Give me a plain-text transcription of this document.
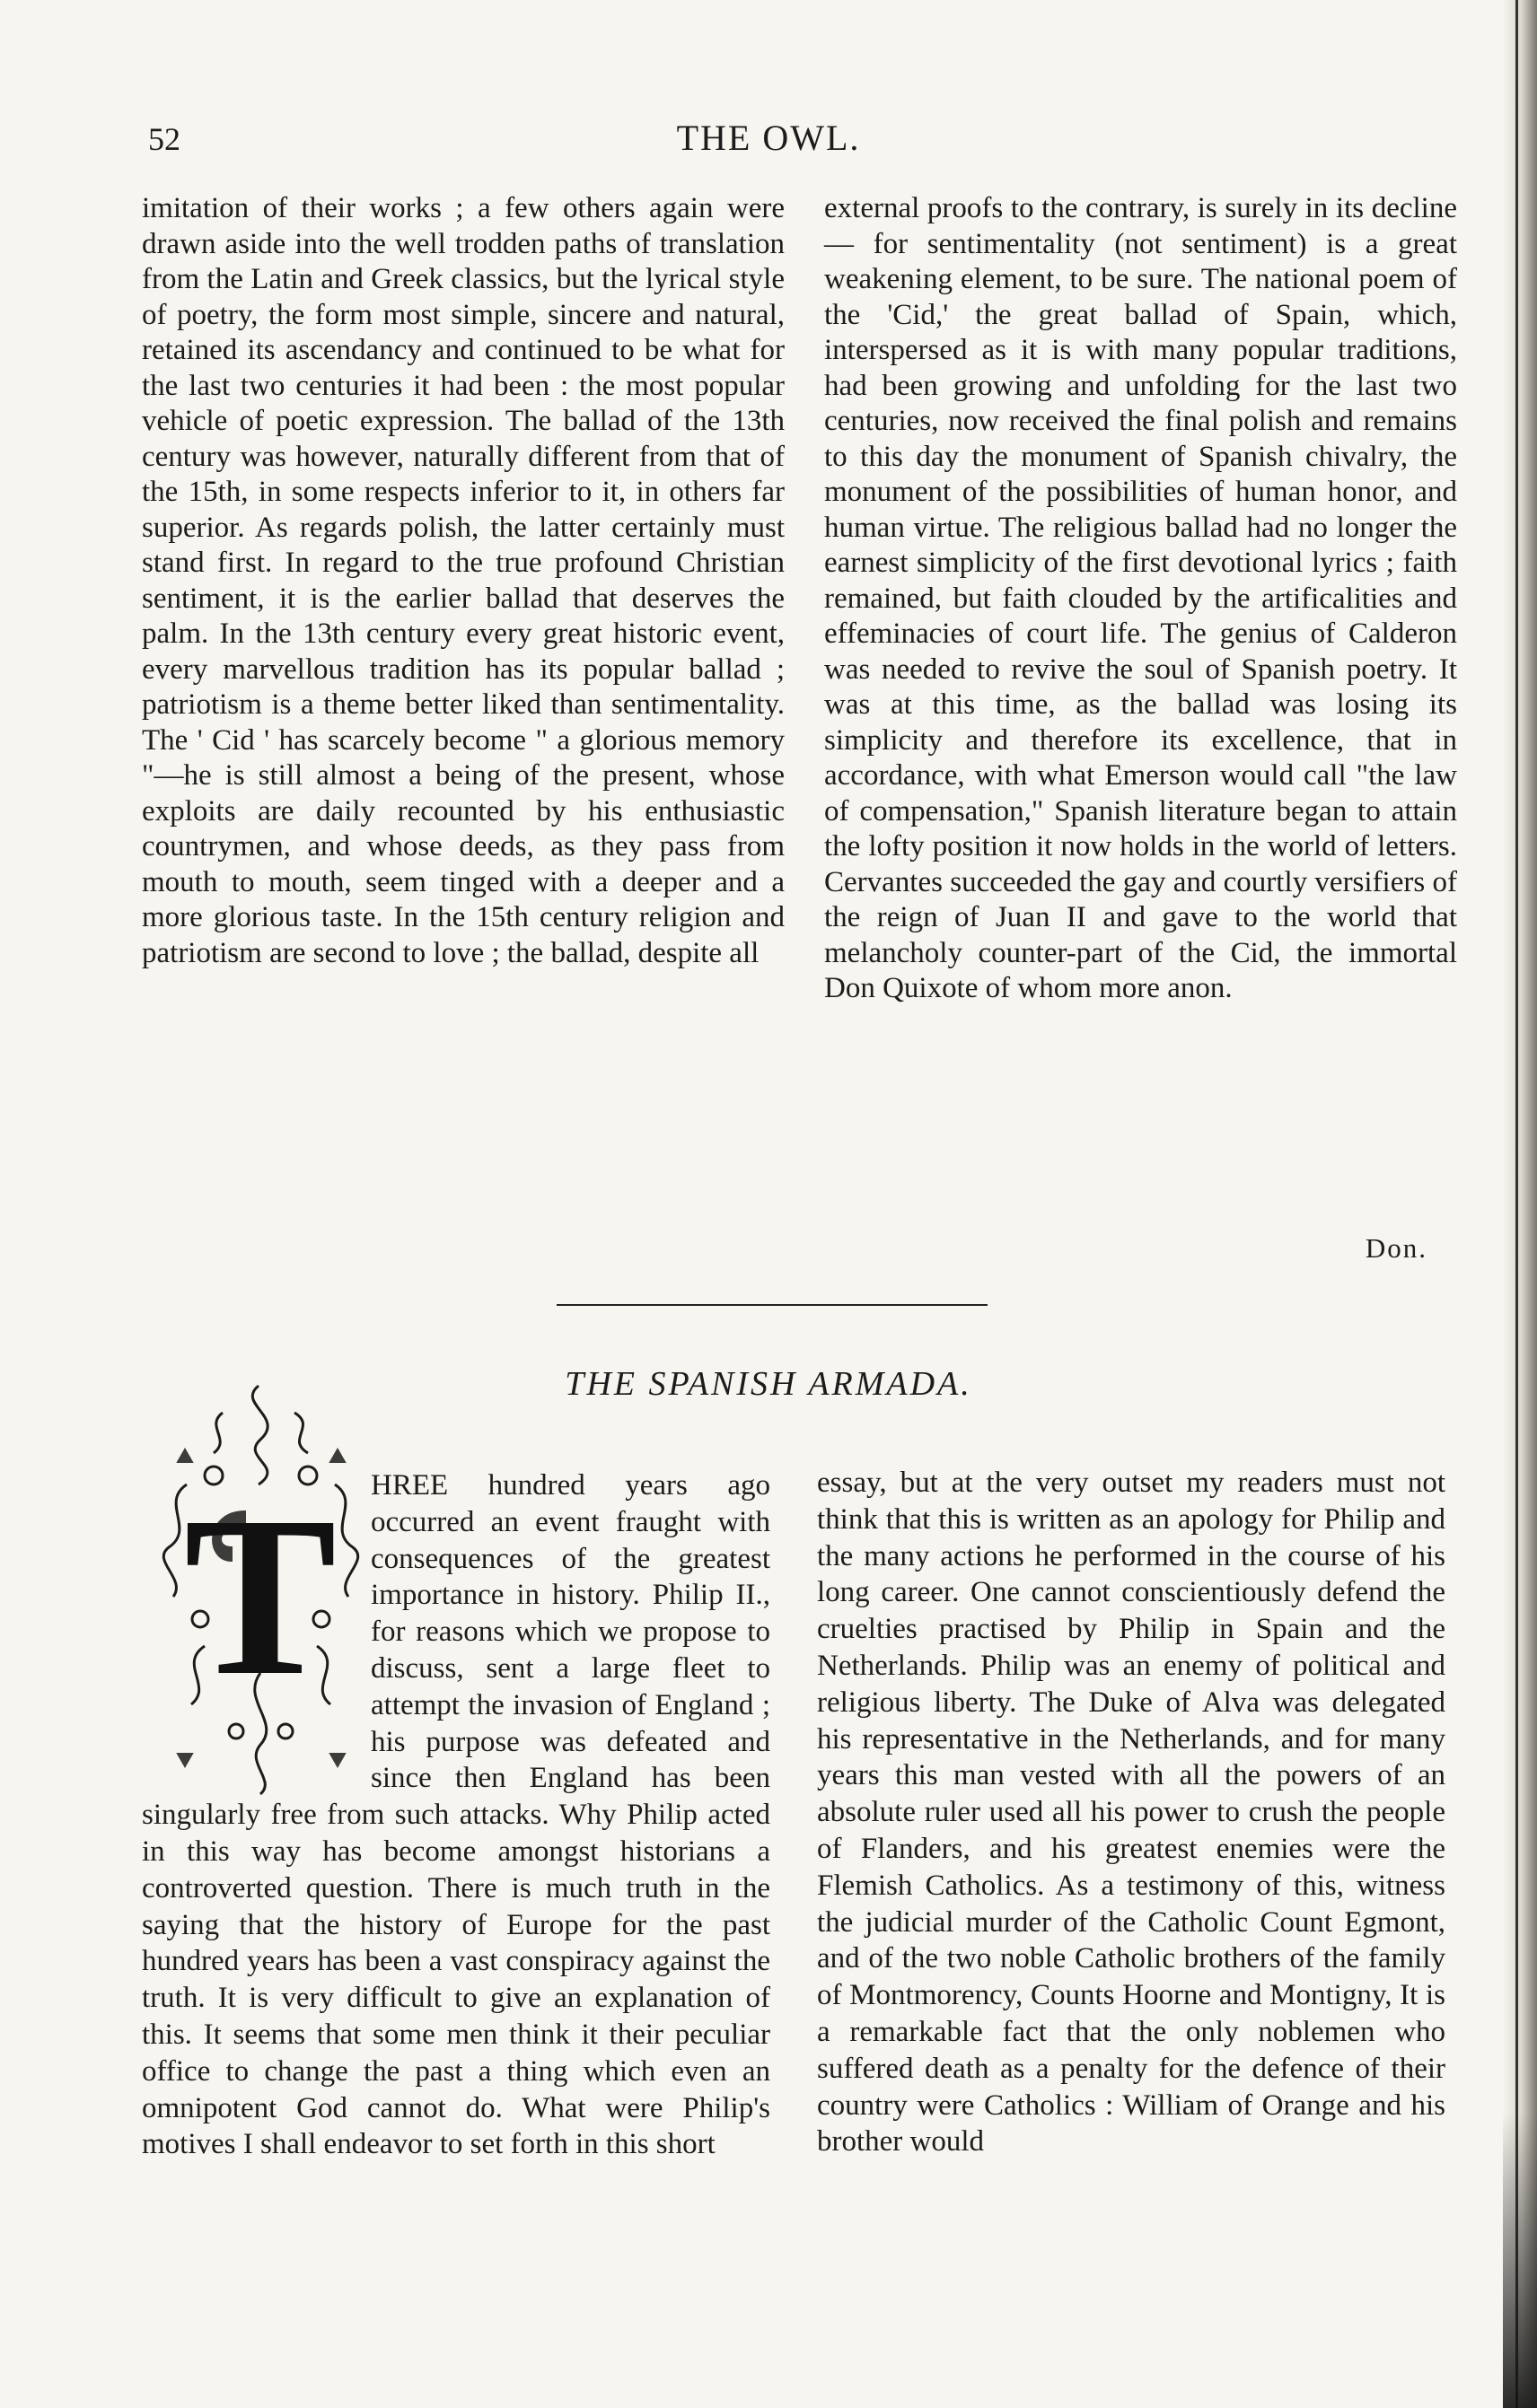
52	THE OWL.

imitation of their works ; a few others again were drawn aside into the well trodden paths of translation from the Latin and Greek classics, but the lyrical style of poetry, the form most simple, sincere and natural, retained its ascendancy and continued to be what for the last two centuries it had been : the most popular vehicle of poetic expression. The ballad of the 13th century was however, naturally different from that of the 15th, in some respects inferior to it, in others far superior. As regards polish, the latter certainly must stand first. In regard to the true profound Christian sentiment, it is the earlier ballad that deserves the palm. In the 13th century every great historic event, every marvellous tradition has its popular ballad ; patriotism is a theme better liked than sentimentality. The ' Cid ' has scarcely become " a glorious memory "—he is still almost a being of the present, whose exploits are daily recounted by his enthusiastic countrymen, and whose deeds, as they pass from mouth to mouth, seem tinged with a deeper and a more glorious taste. In the 15th century religion and patriotism are second to love ; the ballad, despite all

external proofs to the contrary, is surely in its decline— for sentimentality (not sentiment) is a great weakening element, to be sure. The national poem of the 'Cid,' the great ballad of Spain, which, interspersed as it is with many popular traditions, had been growing and unfolding for the last two centuries, now received the final polish and remains to this day the monument of Spanish chivalry, the monument of the possibilities of human honor, and human virtue. The religious ballad had no longer the earnest simplicity of the first devotional lyrics ; faith remained, but faith clouded by the artificalities and effeminacies of court life. The genius of Calderon was needed to revive the soul of Spanish poetry. It was at this time, as the ballad was losing its simplicity and therefore its excellence, that in accordance, with what Emerson would call "the law of compensation," Spanish literature began to attain the lofty position it now holds in the world of letters. Cervantes succeeded the gay and courtly versifiers of the reign of Juan II and gave to the world that melancholy counter-part of the Cid, the immortal Don Quixote of whom more anon.

Don.
THE SPANISH ARMADA.
T	HREE hundred years ago occurred an event fraught with consequences of the greatest importance in history. Philip II., for reasons which we propose to discuss, sent a large fleet to attempt the invasion of England ; his purpose was defeated and since then England has been singularly free from such attacks. Why Philip acted in this way has become amongst historians a controverted question. There is much truth in the saying that the history of Europe for the past hundred years has been a vast conspiracy against the truth. It is very difficult to give an explanation of this. It seems that some men think it their peculiar office to change the past a thing which even an omnipotent God cannot do. What were Philip's motives I shall endeavor to set forth in this short

essay, but at the very outset my readers must not think that this is written as an apology for Philip and the many actions he performed in the course of his long career. One cannot conscientiously defend the cruelties practised by Philip in Spain and the Netherlands. Philip was an enemy of political and religious liberty. The Duke of Alva was delegated his representative in the Netherlands, and for many years this man vested with all the powers of an absolute ruler used all his power to crush the people of Flanders, and his greatest enemies were the Flemish Catholics. As a testimony of this, witness the judicial murder of the Catholic Count Egmont, and of the two noble Catholic brothers of the family of Montmorency, Counts Hoorne and Montigny, It is a remarkable fact that the only noblemen who suffered death as a penalty for the defence of their country were Catholics : William of Orange and his brother would
